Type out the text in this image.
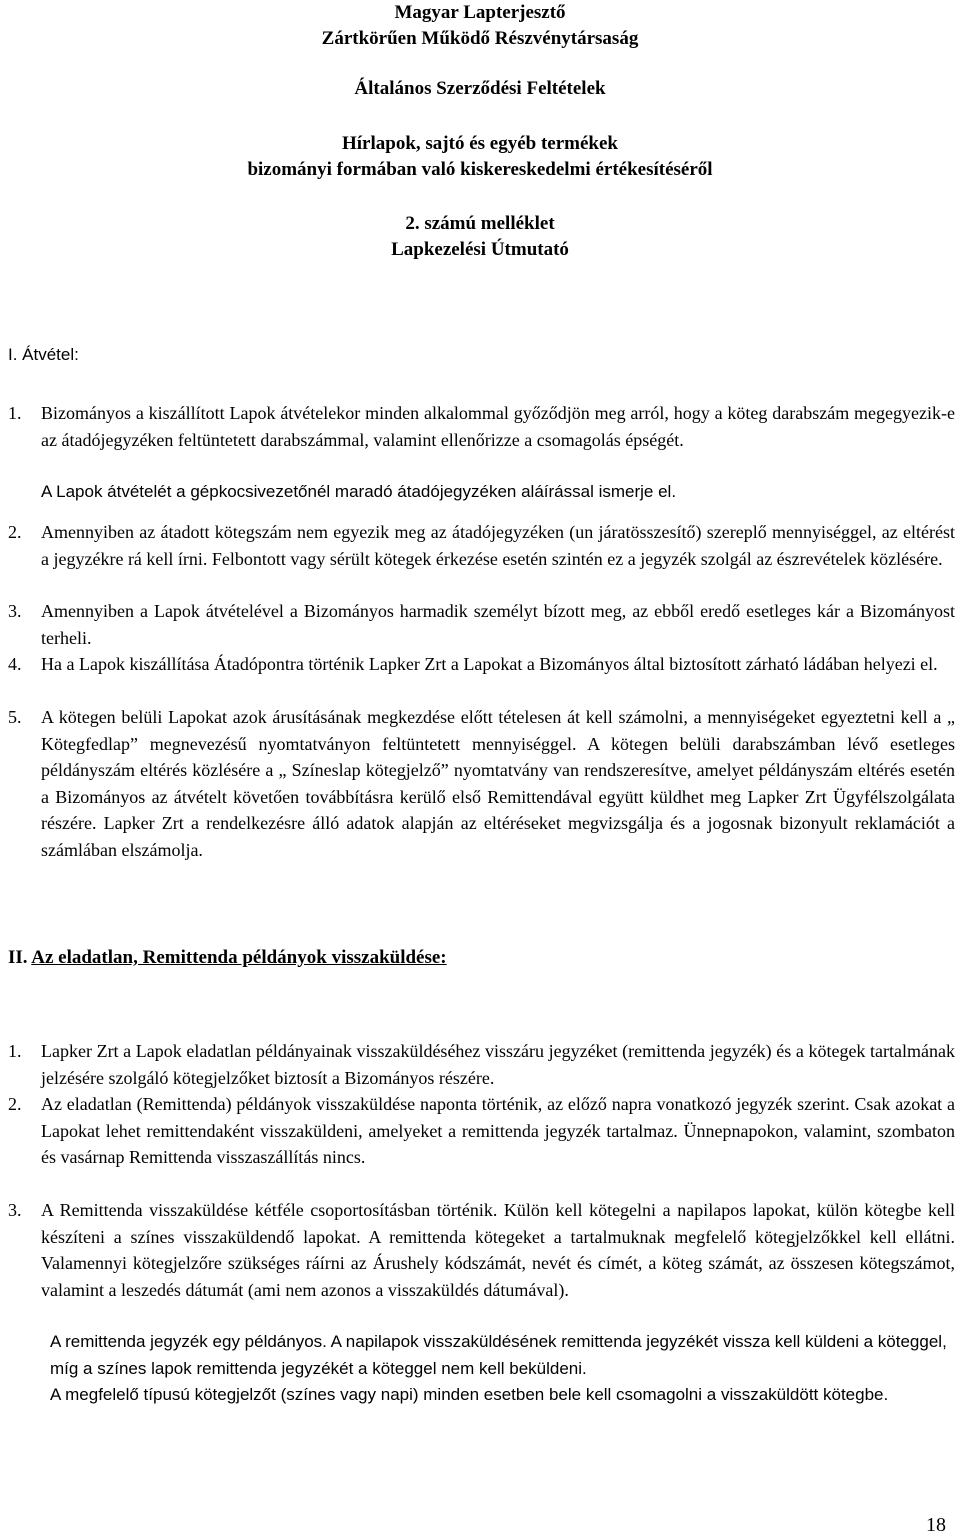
Magyar Lapterjesztő
Zártkörűen Működő Részvénytársaság
Általános Szerződési Feltételek
Hírlapok, sajtó és egyéb termékek
bizományi formában való kiskereskedelmi értékesítéséről
2. számú melléklet
Lapkezelési Útmutató
I. Átvétel:
1. Bizományos a kiszállított Lapok átvételekor minden alkalommal győződjön meg arról, hogy a köteg darabszám megegyezik-e az átadójegyzéken feltüntetett darabszámmal, valamint ellenőrizze a csomagolás épségét.
A Lapok átvételét a gépkocsivezetőnél maradó átadójegyzéken aláírással ismerje el.
2. Amennyiben az átadott kötegszám nem egyezik meg az átadójegyzéken (un járatösszesítő) szereplő mennyiséggel, az eltérést a jegyzékre rá kell írni. Felbontott vagy sérült kötegek érkezése esetén szintén ez a jegyzék szolgál az észrevételek közlésére.
3. Amennyiben a Lapok átvételével a Bizományos harmadik személyt bízott meg, az ebből eredő esetleges kár a Bizományost terheli.
4. Ha a Lapok kiszállítása Átadópontra történik Lapker Zrt a Lapokat a Bizományos által biztosított zárható ládában helyezi el.
5. A kötegen belüli Lapokat azok árusításának megkezdése előtt tételesen át kell számolni, a mennyiségeket egyeztetni kell a „ Kötegfedlap” megnevezésű nyomtatványon feltüntetett mennyiséggel. A kötegen belüli darabszámban lévő esetleges példányszám eltérés közlésére a „ Színeslap kötegjelző” nyomtatvány van rendszeresítve, amelyet példányszám eltérés esetén a Bizományos az átvételt követően továbbításra kerülő első Remittendával együtt küldhet meg Lapker Zrt Ügyfélszolgálata részére. Lapker Zrt a rendelkezésre álló adatok alapján az eltéréseket megvizsgálja és a jogosnak bizonyult reklamációt a számlában elszámolja.
II. Az eladatlan, Remittenda példányok visszaküldése:
1. Lapker Zrt a Lapok eladatlan példányainak visszaküldéséhez visszáru jegyzéket (remittenda jegyzék) és a kötegek tartalmának jelzésére szolgáló kötegjelzőket biztosít a Bizományos részére.
2. Az eladatlan (Remittenda) példányok visszaküldése naponta történik, az előző napra vonatkozó jegyzék szerint. Csak azokat a Lapokat lehet remittendaként visszaküldeni, amelyeket a remittenda jegyzék tartalmaz. Ünnepnapokon, valamint, szombaton és vasárnap Remittenda visszaszállítás nincs.
3. A Remittenda visszaküldése kétféle csoportosításban történik. Külön kell kötegelni a napilapos lapokat, külön kötegbe kell készíteni a színes visszaküldendő lapokat. A remittenda kötegeket a tartalmuknak megfelelő kötegjelzőkkel kell ellátni. Valamennyi kötegjelzőre szükséges ráírni az Árushely kódszámát, nevét és címét, a köteg számát, az összesen kötegszámot, valamint a leszedés dátumát (ami nem azonos a visszaküldés dátumával).
A remittenda jegyzék egy példányos. A napilapok visszaküldésének remittenda jegyzékét vissza kell küldeni a köteggel, míg a színes lapok remittenda jegyzékét a köteggel nem kell beküldeni.
A megfelelő típusú kötegjelzőt (színes vagy napi) minden esetben bele kell csomagolni a visszaküldött kötegbe.
18
